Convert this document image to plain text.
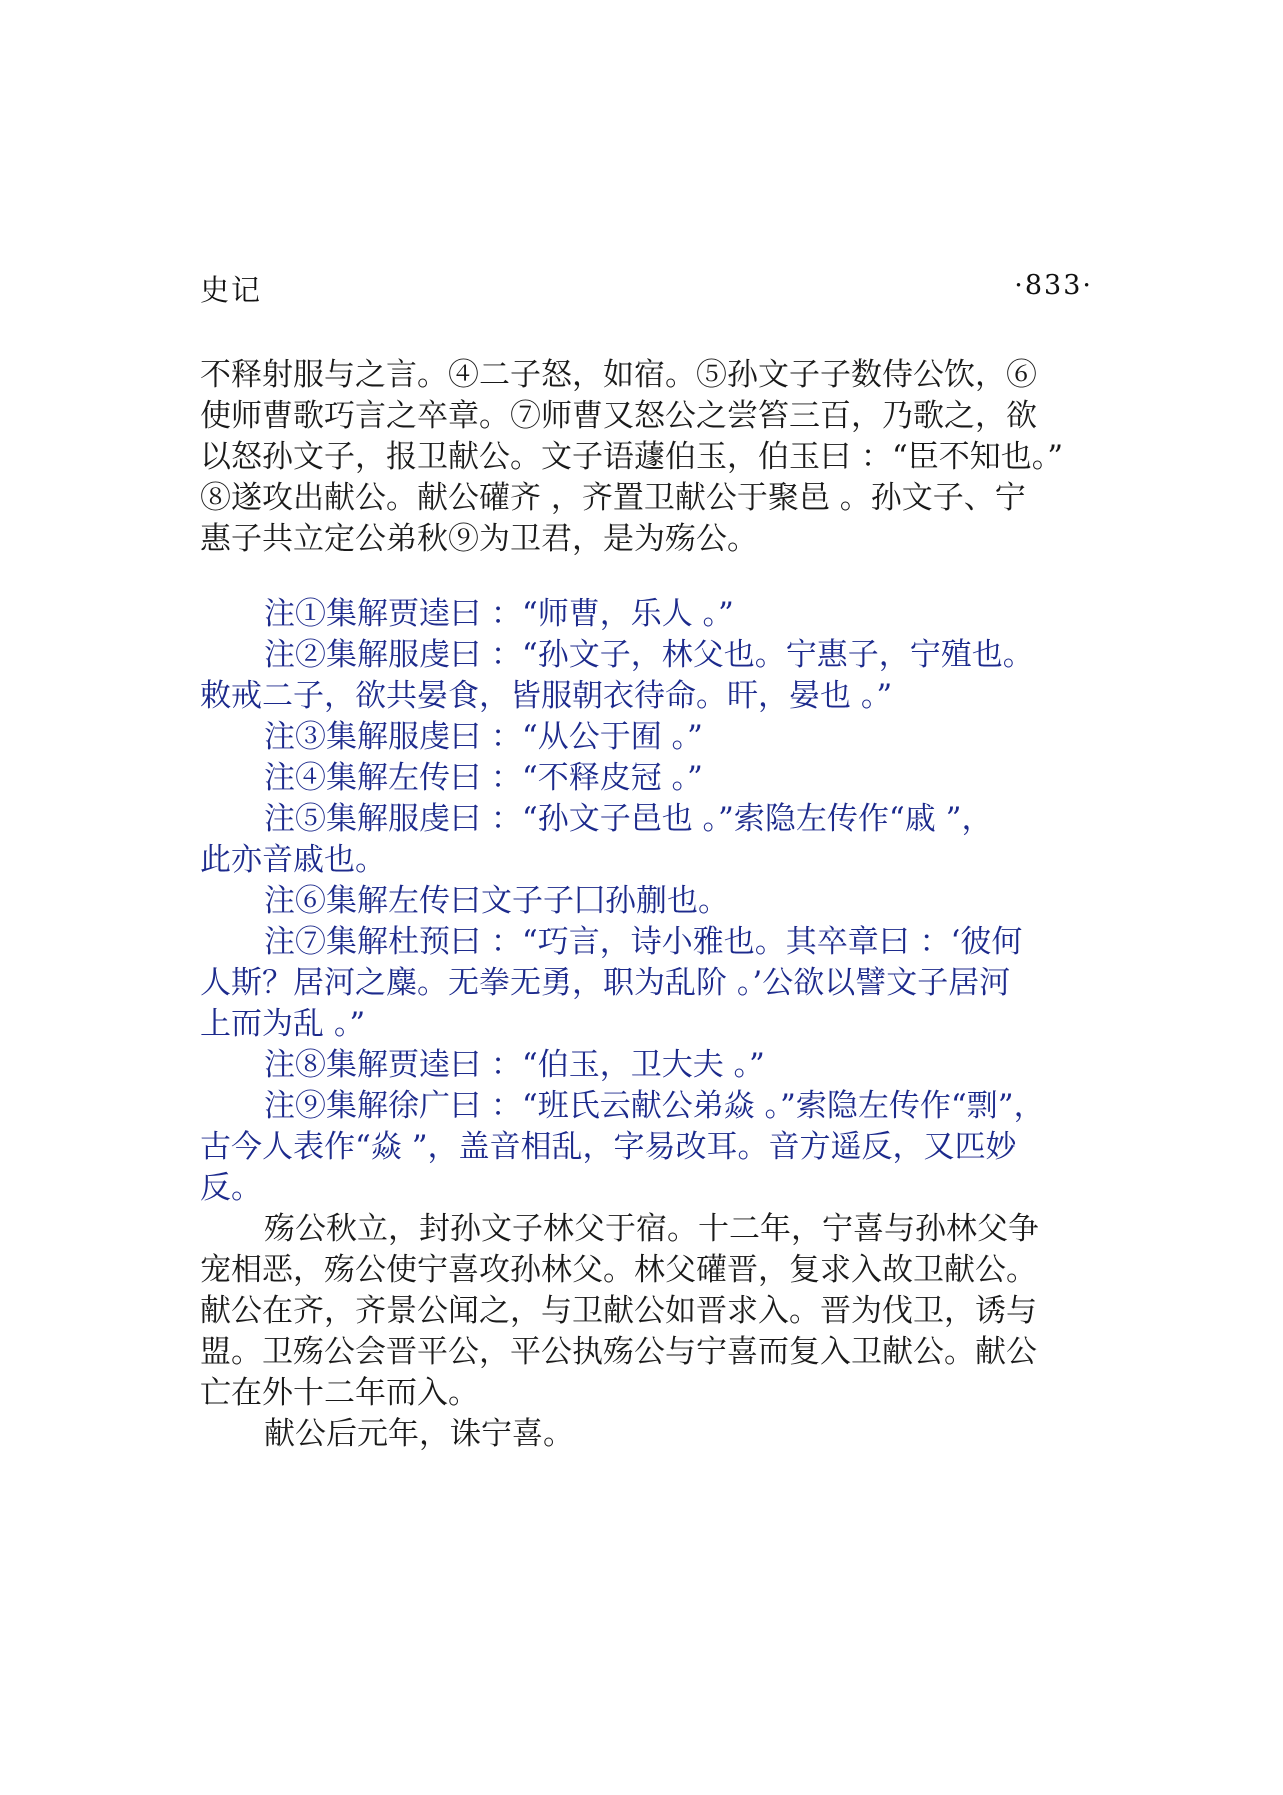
史记	·833·
不释射服与之言。④二子怒，如宿。⑤孙文子子数侍公饮，⑥
使师曹歌巧言之卒章。⑦师曹又怒公之尝笞三百，乃歌之，欲
以怒孙文子，报卫献公。文子语蘧伯玉，伯玉曰 ：“臣不知也。”
⑧遂攻出献公。献公礶齐 ，齐置卫献公于聚邑 。孙文子、宁
惠子共立定公弟秋⑨为卫君，是为殇公。
注①集解贾逵曰 ：“师曹，乐人 。”
注②集解服虔曰 ：“孙文子，林父也。宁惠子，宁殖也。
敕戒二子，欲共晏食，皆服朝衣待命。旰，晏也 。”
注③集解服虔曰 ：“从公于囿 。”
注④集解左传曰 ：“不释皮冠 。”
注⑤集解服虔曰 ：“孙文子邑也 。”索隐左传作“戚 ”，
此亦音戚也。
注⑥集解左传曰文子子囗孙蒯也。
注⑦集解杜预曰 ：“巧言，诗小雅也。其卒章曰 ：‘彼何
人斯？居河之麋。无拳无勇，职为乱阶 。’公欲以譬文子居河
上而为乱 。”
注⑧集解贾逵曰 ：“伯玉，卫大夫 。”
注⑨集解徐广曰 ：“班氏云献公弟焱 。”索隐左传作“剽”，
古今人表作“焱 ”，盖音相乱，字易改耳。音方遥反，又匹妙
反。
殇公秋立，封孙文子林父于宿。十二年，宁喜与孙林父争
宠相恶，殇公使宁喜攻孙林父。林父礶晋，复求入故卫献公。
献公在齐，齐景公闻之，与卫献公如晋求入。晋为伐卫，诱与
盟。卫殇公会晋平公，平公执殇公与宁喜而复入卫献公。献公
亡在外十二年而入。
献公后元年，诛宁喜。
